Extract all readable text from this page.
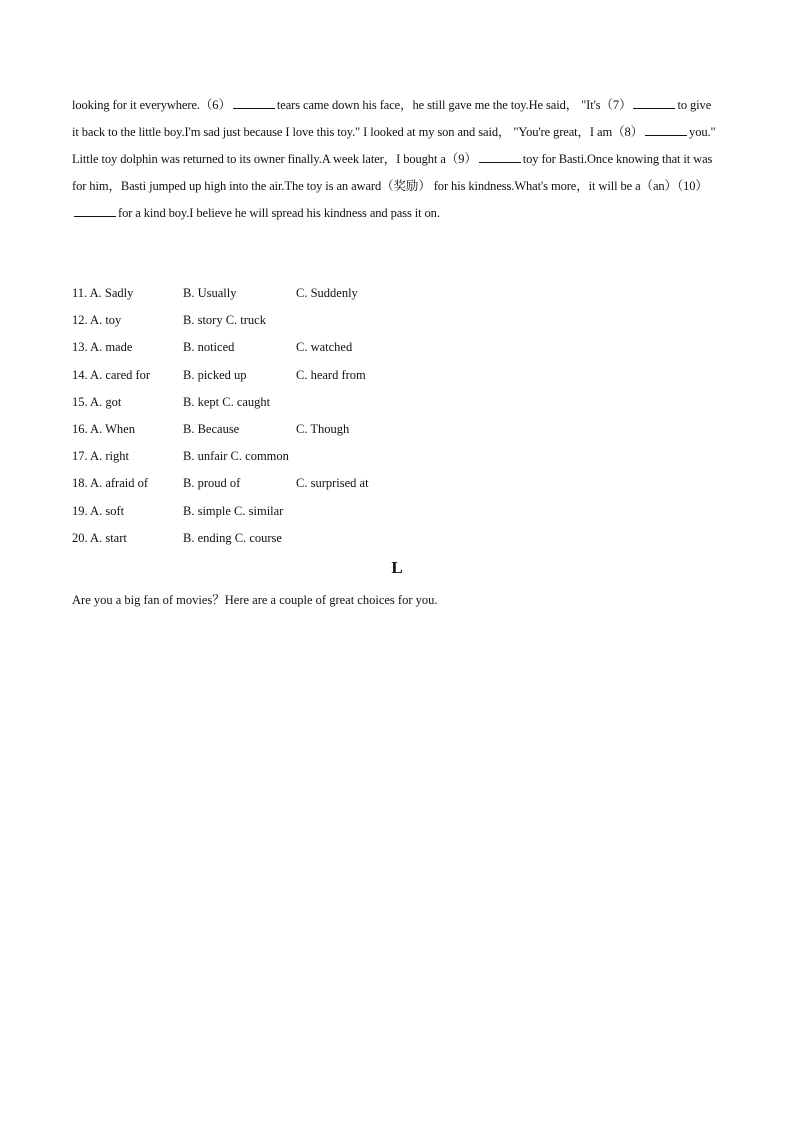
looking for it everywhere.（6）	tears came down his face，he still gave me the toy.He said， "It's（7）	to give it back to the little boy.I'm sad just because I love this toy." I looked at my son and said， "You're great，I am（8）	you."

Little toy dolphin was returned to its owner finally.A week later，I bought a（9）	toy for Basti.Once knowing that it was for him，Basti jumped up high into the air.The toy is an award（奖励） for his kindness.What's more，it will be a（an）（10）for a kind boy.I believe he will spread his kindness and pass it on.

11. A. Sadly	B. Usually	C. Suddenly
12. A. toy	B. story C. truck
13. A. made	B. noticed	C. watched
14. A. cared for	B. picked up	C. heard from
15. A. got	B. kept C. caught
16. A. When	B. Because	C. Though
17. A. right	B. unfair C. common
18. A. afraid of	B. proud of	C. surprised at
19. A. soft	B. simple C. similar
20. A. start	B. ending C. course
L
Are you a big fan of movies？Here are a couple of great choices for you.
